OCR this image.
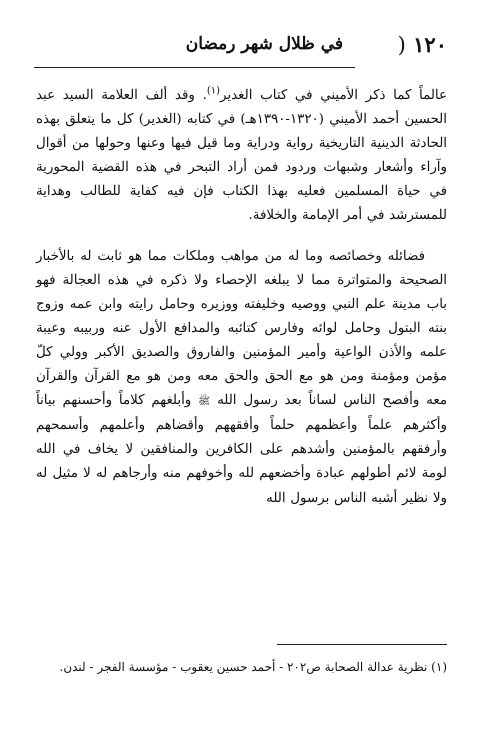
١٢٠ (
في ظلال شهر رمضان

عالماً كما ذكر الأميني في كتاب الغدير$^{(١)}$. وقد ألف العلامة السيد عبد الحسين أحمد الأميني (١٣٢٠-١٣٩٠هـ) في كتابه (الغدير) كل ما يتعلق بهذه الحادثة الدينية التاريخية رواية ودراية وما قيل فيها وعنها وحولها من أقوال وآراء وأشعار وشبهات وردود فمن أراد التبحر في هذه القضية المحورية في حياة المسلمين فعليه بهذا الكتاب فإن فيه كفاية للطالب وهداية للمسترشد في أمر الإمامة والخلافة.

فضائله وخصائصه وما له من مواهب وملكات مما هو ثابت له بالأخبار الصحيحة والمتواترة مما لا يبلغه الإحصاء ولا ذكره في هذه العجالة فهو باب مدينة علم النبي ووصيه وخليفته ووزيره وحامل رايته وابن عمه وزوج بنته البتول وحامل لوائه وفارس كتائبه والمدافع الأول عنه وربيبه وعيبة علمه والأذن الواعية وأمير المؤمنين والفاروق والصديق الأكبر وولي كلّ مؤمن ومؤمنة ومن هو مع الحق والحق معه ومن هو مع القرآن والقرآن معه وأفصح الناس لساناً بعد رسول الله ﷺ وأبلغهم كلاماً وأحسنهم بياناً وأكثرهم علماً وأعظمهم حلماً وأفقههم وأقضاهم وأعلمهم وأسمحهم وأرفقهم بالمؤمنين وأشدهم على الكافرين والمنافقين لا يخاف في الله لومة لائم أطولهم عبادة وأخضعهم لله وأخوفهم منه وأرجاهم له لا مثيل له ولا نظير أشبه الناس برسول الله

(١) نظرية عدالة الصحابة ص٢٠٢ - أحمد حسين يعقوب - مؤسسة الفجر - لندن.
